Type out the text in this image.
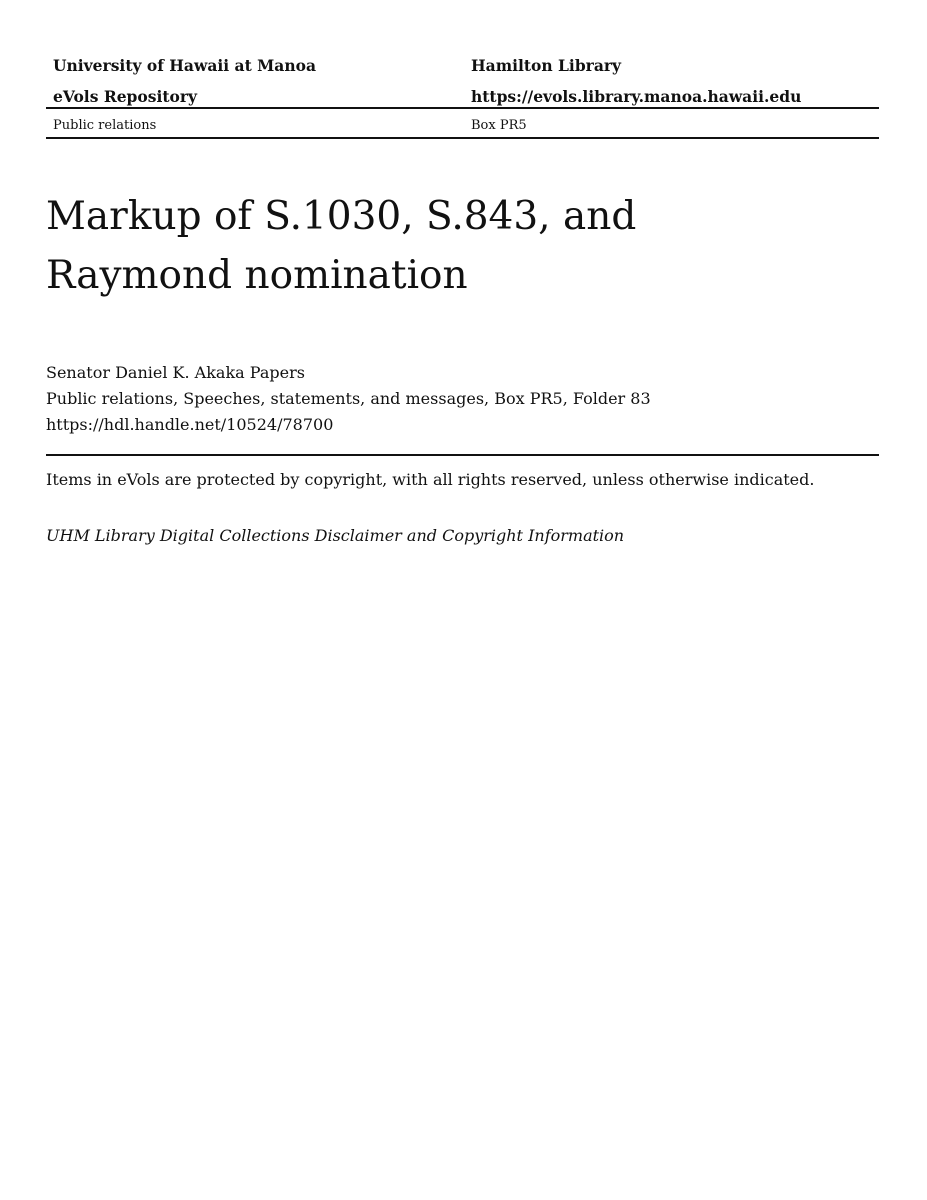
University of Hawaii at Manoa	Hamilton Library
eVols Repository	https://evols.library.manoa.hawaii.edu
Public relations	Box PR5
Markup of S.1030, S.843, and
Raymond nomination
Senator Daniel K. Akaka Papers
Public relations, Speeches, statements, and messages, Box PR5, Folder 83
https://hdl.handle.net/10524/78700
Items in eVols are protected by copyright, with all rights reserved, unless otherwise indicated.
UHM Library Digital Collections Disclaimer and Copyright Information
